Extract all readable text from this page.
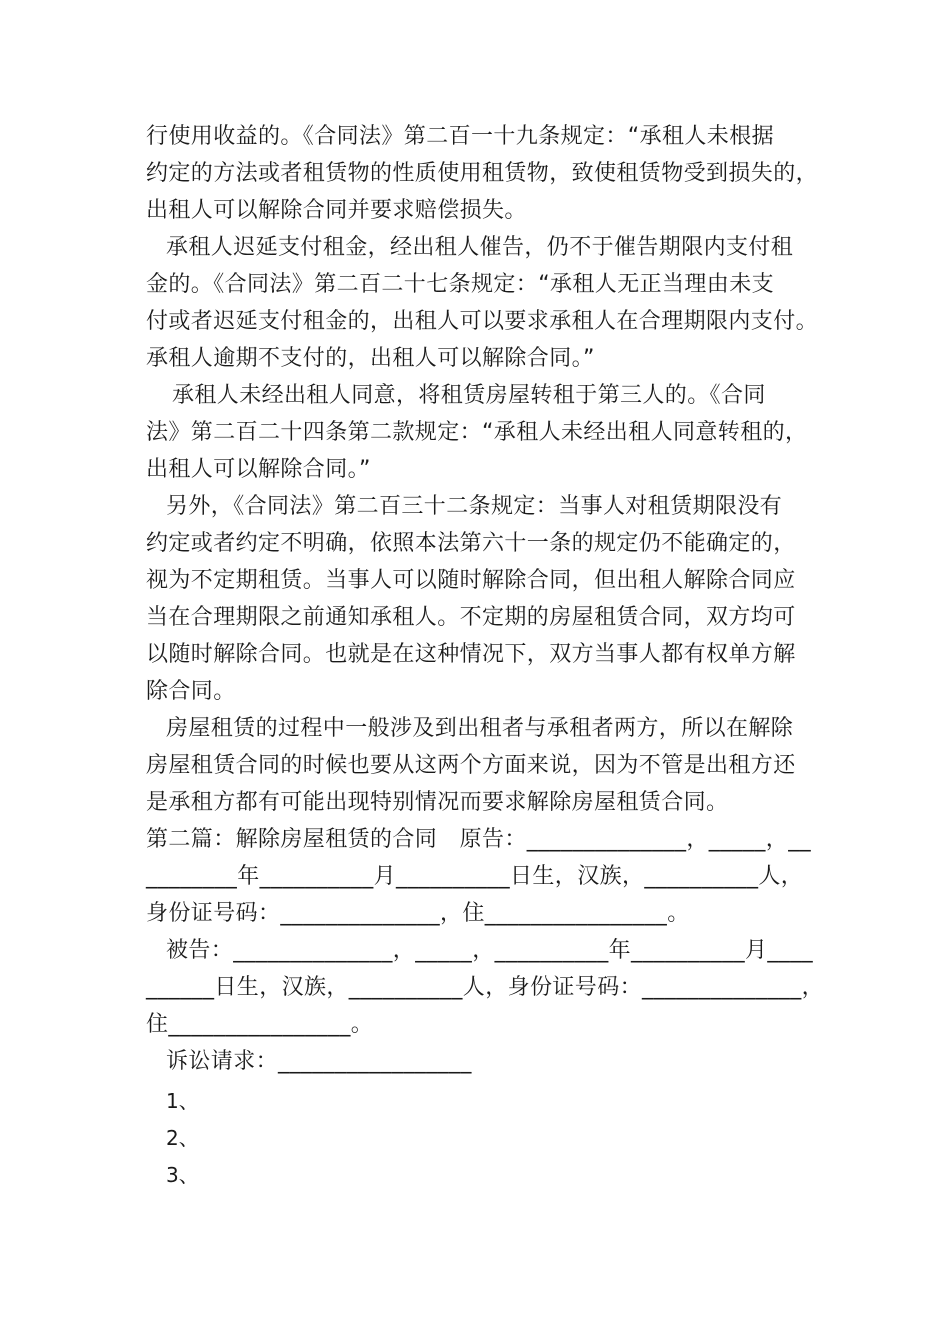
行使用收益的。《合同法》第二百一十九条规定：“承租人未根据
约定的方法或者租赁物的性质使用租赁物，致使租赁物受到损失的，
出租人可以解除合同并要求赔偿损失。
承租人迟延支付租金，经出租人催告，仍不于催告期限内支付租
金的。《合同法》第二百二十七条规定：“承租人无正当理由未支
付或者迟延支付租金的，出租人可以要求承租人在合理期限内支付。
承租人逾期不支付的，出租人可以解除合同。”
承租人未经出租人同意，将租赁房屋转租于第三人的。《合同
法》第二百二十四条第二款规定：“承租人未经出租人同意转租的，
出租人可以解除合同。”
另外，《合同法》第二百三十二条规定：当事人对租赁期限没有
约定或者约定不明确，依照本法第六十一条的规定仍不能确定的，
视为不定期租赁。当事人可以随时解除合同，但出租人解除合同应
当在合理期限之前通知承租人。不定期的房屋租赁合同，双方均可
以随时解除合同。也就是在这种情况下，双方当事人都有权单方解
除合同。
房屋租赁的过程中一般涉及到出租者与承租者两方，所以在解除
房屋租赁合同的时候也要从这两个方面来说，因为不管是出租方还
是承租方都有可能出现特别情况而要求解除房屋租赁合同。
第二篇：解除房屋租赁的合同　原告：______________，_____，__
________年__________月__________日生，汉族，__________人，
身份证号码：______________，住________________。
被告：______________，_____，__________年__________月____
______日生，汉族，__________人，身份证号码：______________，
住________________。
诉讼请求：_________________
1、
2、
3、
